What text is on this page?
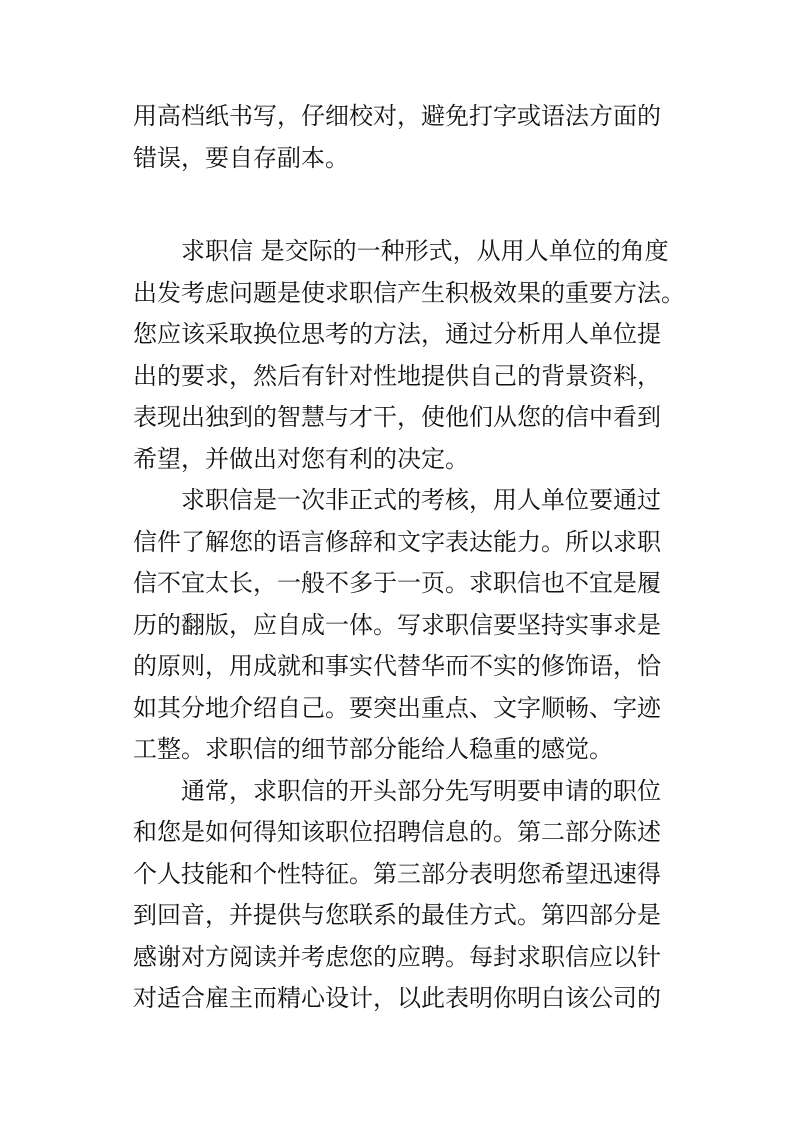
用高档纸书写，仔细校对，避免打字或语法方面的

错误，要自存副本。

求职信 是交际的一种形式，从用人单位的角度

出发考虑问题是使求职信产生积极效果的重要方法。

您应该采取换位思考的方法，通过分析用人单位提

出的要求，然后有针对性地提供自己的背景资料，

表现出独到的智慧与才干，使他们从您的信中看到

希望，并做出对您有利的决定。

求职信是一次非正式的考核，用人单位要通过

信件了解您的语言修辞和文字表达能力。所以求职

信不宜太长，一般不多于一页。求职信也不宜是履

历的翻版，应自成一体。写求职信要坚持实事求是

的原则，用成就和事实代替华而不实的修饰语，恰

如其分地介绍自己。要突出重点、文字顺畅、字迹

工整。求职信的细节部分能给人稳重的感觉。

通常，求职信的开头部分先写明要申请的职位

和您是如何得知该职位招聘信息的。第二部分陈述

个人技能和个性特征。第三部分表明您希望迅速得

到回音，并提供与您联系的最佳方式。第四部分是

感谢对方阅读并考虑您的应聘。每封求职信应以针

对适合雇主而精心设计，以此表明你明白该公司的
